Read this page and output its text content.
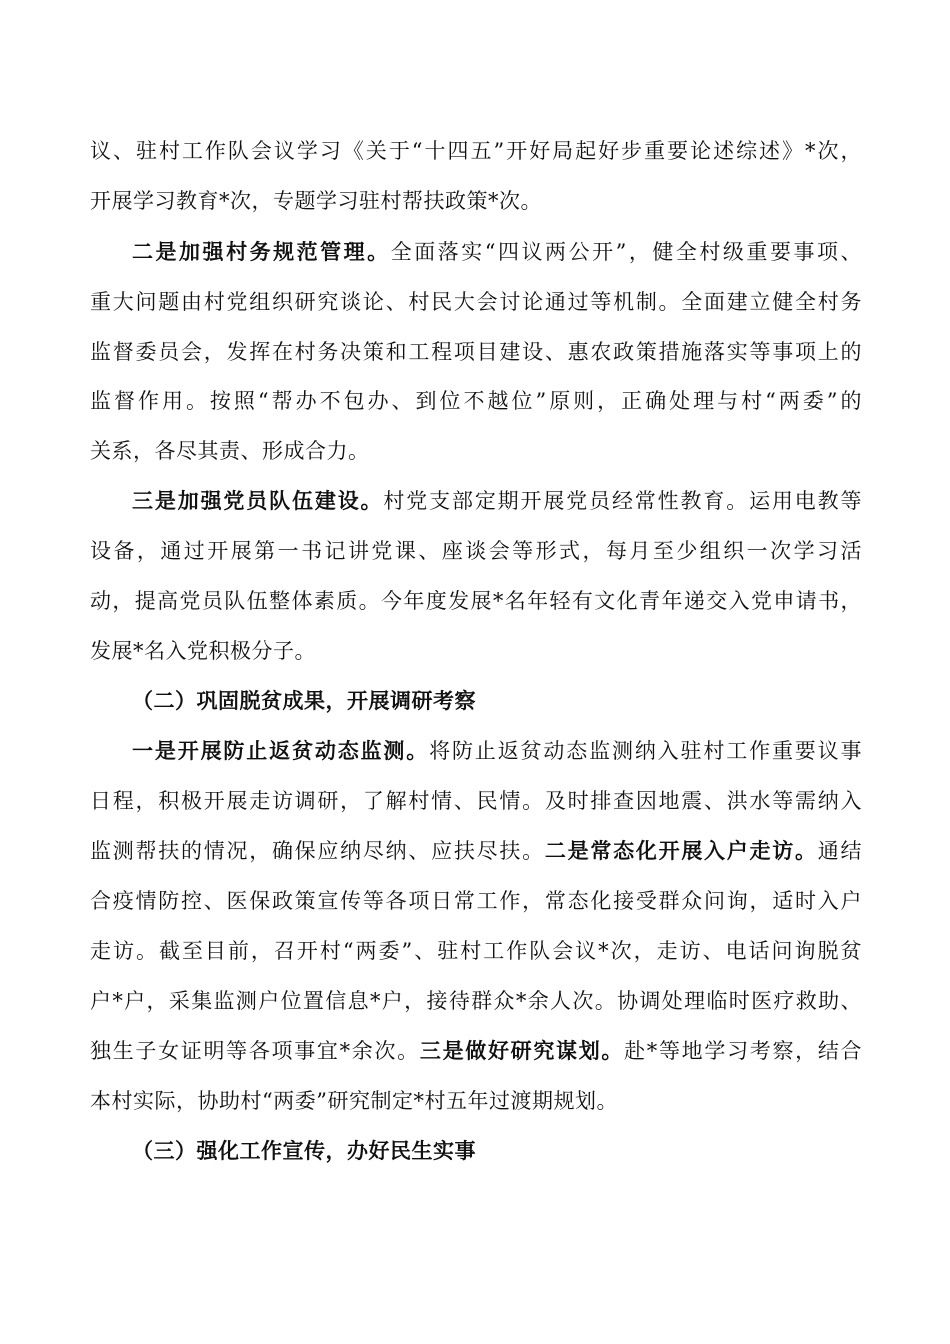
议、驻村工作队会议学习《关于“十四五”开好局起好步重要论述综述》*次，
开展学习教育*次，专题学习驻村帮扶政策*次。
二是加强村务规范管理。全面落实“四议两公开”，健全村级重要事项、
重大问题由村党组织研究谈论、村民大会讨论通过等机制。全面建立健全村务
监督委员会，发挥在村务决策和工程项目建设、惠农政策措施落实等事项上的
监督作用。按照“帮办不包办、到位不越位”原则，正确处理与村“两委”的
关系，各尽其责、形成合力。
三是加强党员队伍建设。村党支部定期开展党员经常性教育。运用电教等
设备，通过开展第一书记讲党课、座谈会等形式，每月至少组织一次学习活
动，提高党员队伍整体素质。今年度发展*名年轻有文化青年递交入党申请书，
发展*名入党积极分子。
（二）巩固脱贫成果，开展调研考察
一是开展防止返贫动态监测。将防止返贫动态监测纳入驻村工作重要议事
日程，积极开展走访调研，了解村情、民情。及时排查因地震、洪水等需纳入
监测帮扶的情况，确保应纳尽纳、应扶尽扶。二是常态化开展入户走访。通结
合疫情防控、医保政策宣传等各项日常工作，常态化接受群众问询，适时入户
走访。截至目前，召开村“两委”、驻村工作队会议*次，走访、电话问询脱贫
户*户，采集监测户位置信息*户，接待群众*余人次。协调处理临时医疗救助、
独生子女证明等各项事宜*余次。三是做好研究谋划。赴*等地学习考察，结合
本村实际，协助村“两委”研究制定*村五年过渡期规划。
（三）强化工作宣传，办好民生实事
